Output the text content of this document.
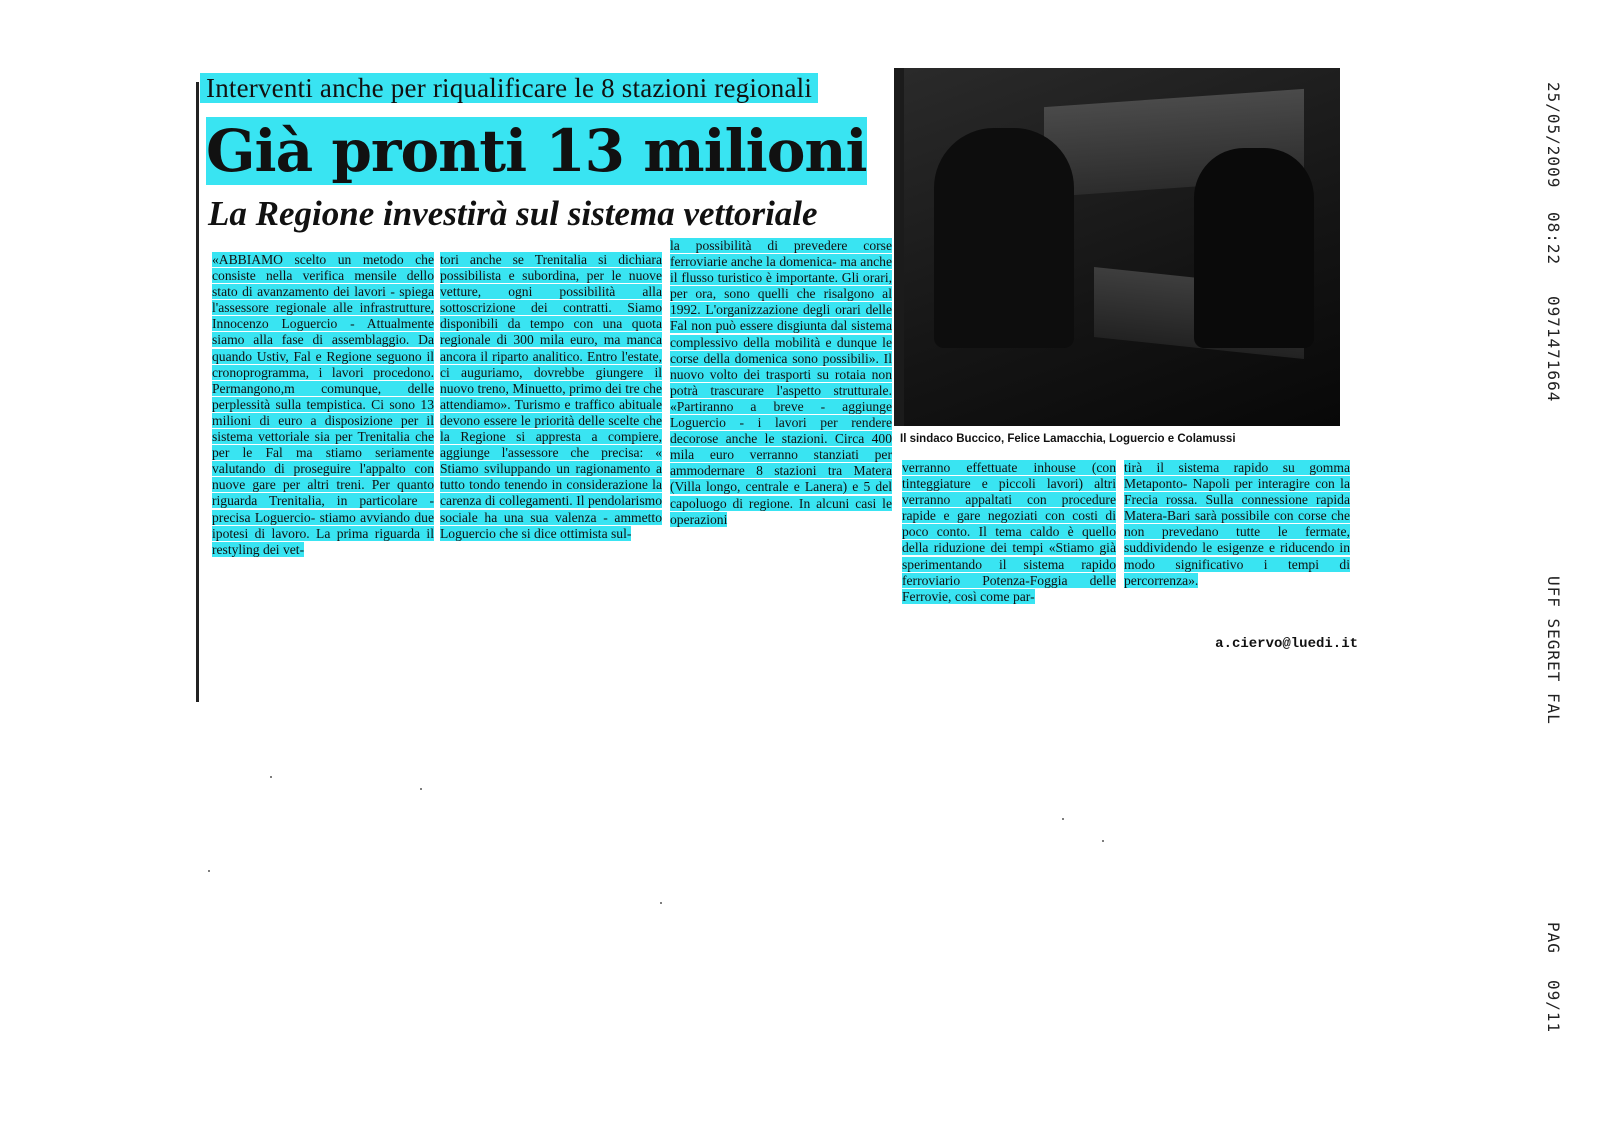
Interventi anche per riqualificare le 8 stazioni regionali
Già pronti 13 milioni
La Regione investirà sul sistema vettoriale

«ABBIAMO scelto un metodo che consiste nella verifica mensile dello stato di avanzamento dei lavori - spiega l'assessore regionale alle infrastrutture, Innocenzo Loguercio - Attualmente siamo alla fase di assemblaggio. Da quando Ustiv, Fal e Regione seguono il cronoprogramma, i lavori procedono. Permangono,m comunque, delle perplessità sulla tempistica. Ci sono 13 milioni di euro a disposizione per il sistema vettoriale sia per Trenitalia che per le Fal ma stiamo seriamente valutando di proseguire l'appalto con nuove gare per altri treni. Per quanto riguarda Trenitalia, in particolare -precisa Loguercio- stiamo avviando due ipotesi di lavoro. La prima riguarda il restyling dei vet-

tori anche se Trenitalia si dichiara possibilista e subordina, per le nuove vetture, ogni possibilità alla sottoscrizione dei contratti. Siamo disponibili da tempo con una quota regionale di 300 mila euro, ma manca ancora il riparto analitico. Entro l'estate, ci auguriamo, dovrebbe giungere il nuovo treno, Minuetto, primo dei tre che attendiamo». Turismo e traffico abituale devono essere le priorità delle scelte che la Regione si appresta a compiere, aggiunge l'assessore che precisa: « Stiamo sviluppando un ragionamento a tutto tondo tenendo in considerazione la carenza di collegamenti. Il pendolarismo sociale ha una sua valenza - ammetto Loguercio che si dice ottimista sul-

la possibilità di prevedere corse ferroviarie anche la domenica- ma anche il flusso turistico è importante. Gli orari, per ora, sono quelli che risalgono al 1992. L'organizzazione degli orari delle Fal non può essere disgiunta dal sistema complessivo della mobilità e dunque le corse della domenica sono possibili». Il nuovo volto dei trasporti su rotaia non potrà trascurare l'aspetto strutturale. «Partiranno a breve - aggiunge Loguercio - i lavori per rendere decorose anche le stazioni. Circa 400 mila euro verranno stanziati per ammodernare 8 stazioni tra Matera (Villa longo, centrale e Lanera) e 5 del capoluogo di regione. In alcuni casi le operazioni

Il sindaco Buccico, Felice Lamacchia, Loguercio e Colamussi

verranno effettuate inhouse (con tinteggiature e piccoli lavori) altri verranno appaltati con procedure rapide e gare negoziati con costi di poco conto. Il tema caldo è quello della riduzione dei tempi «Stiamo già sperimentando il sistema rapido ferroviario Potenza-Foggia delle Ferrovie, così come par-

tirà il sistema rapido su gomma Metaponto- Napoli per interagire con la Frecia rossa. Sulla connessione rapida Matera-Bari sarà possibile con corse che non prevedano tutte le fermate, suddividendo le esigenze e riducendo in modo significativo i tempi di percorrenza».

a.ciervo@luedi.it
25/05/2009
08:22
0971471664
UFF SEGRET FAL
PAG
09/11
